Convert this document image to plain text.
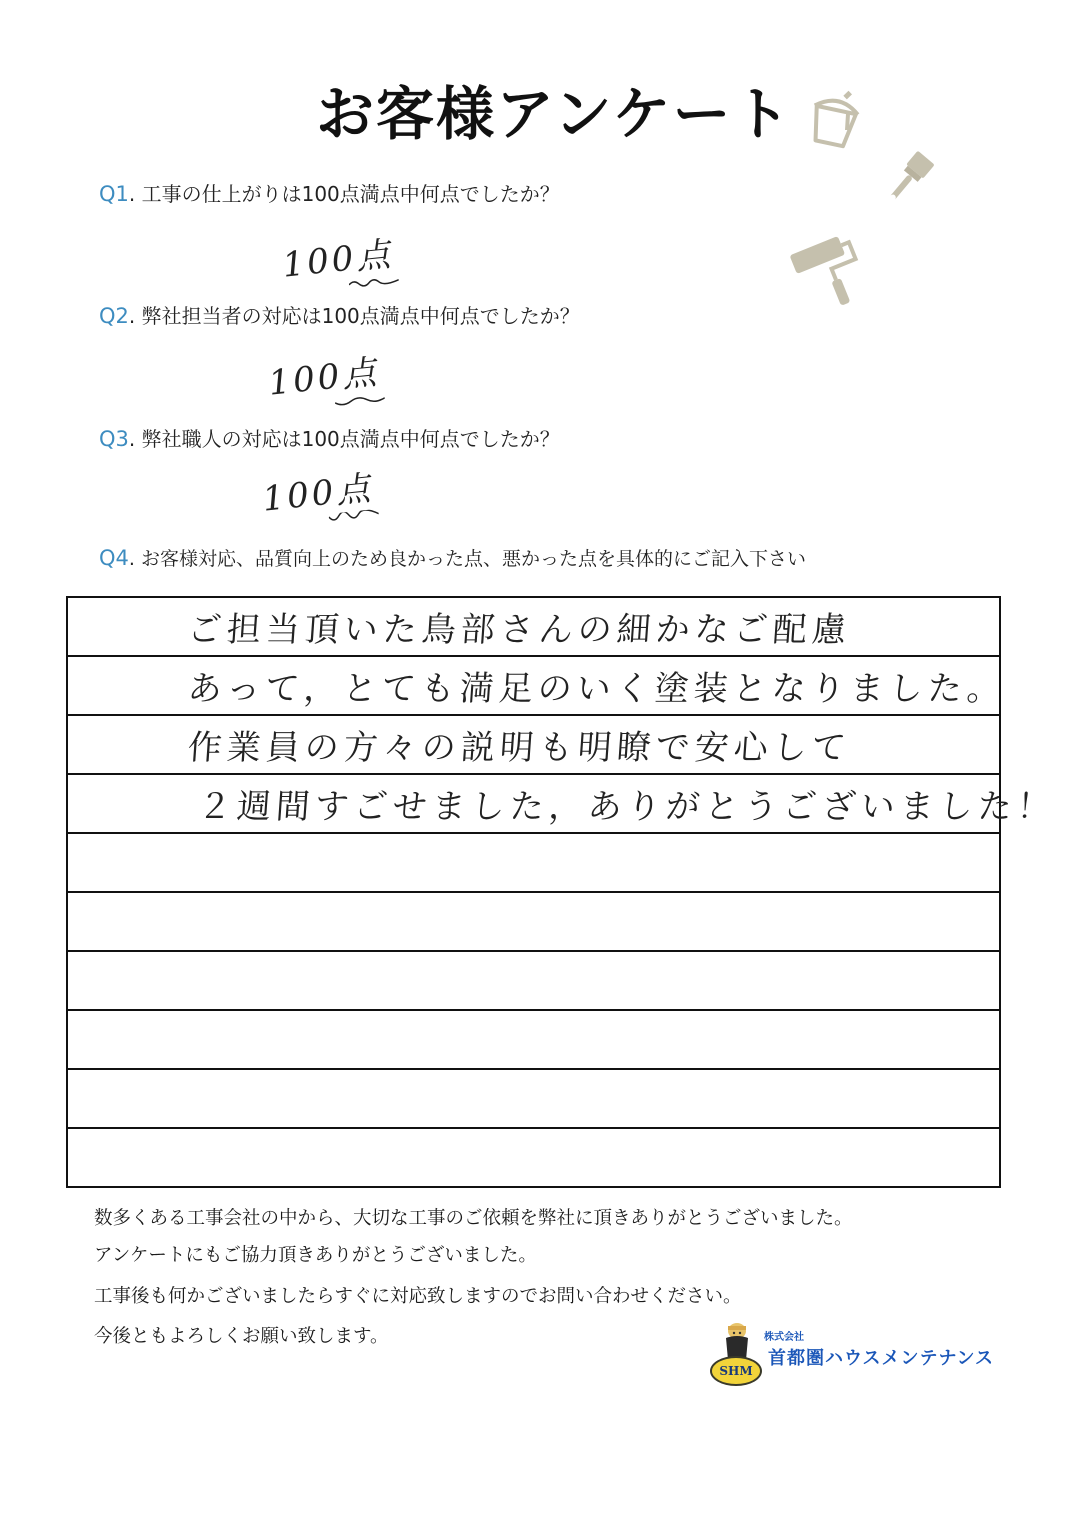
お客様アンケート
Q1. 工事の仕上がりは100点満点中何点でしたか？
100点
Q2. 弊社担当者の対応は100点満点中何点でしたか？
100点
Q3. 弊社職人の対応は100点満点中何点でしたか？
100点
Q4. お客様対応、品質向上のため良かった点、悪かった点を具体的にご記入下さい
ご担当頂いた鳥部さんの細かなご配慮
あって，とても満足のいく塗装となりました。
作業員の方々の説明も明瞭で安心して
２週間すごせました，ありがとうございました！
数多くある工事会社の中から、大切な工事のご依頼を弊社に頂きありがとうございました。
アンケートにもご協力頂きありがとうございました。
工事後も何かございましたらすぐに対応致しますのでお問い合わせください。
今後ともよろしくお願い致します。
SHM
株式会社
首都圏ハウスメンテナンス
